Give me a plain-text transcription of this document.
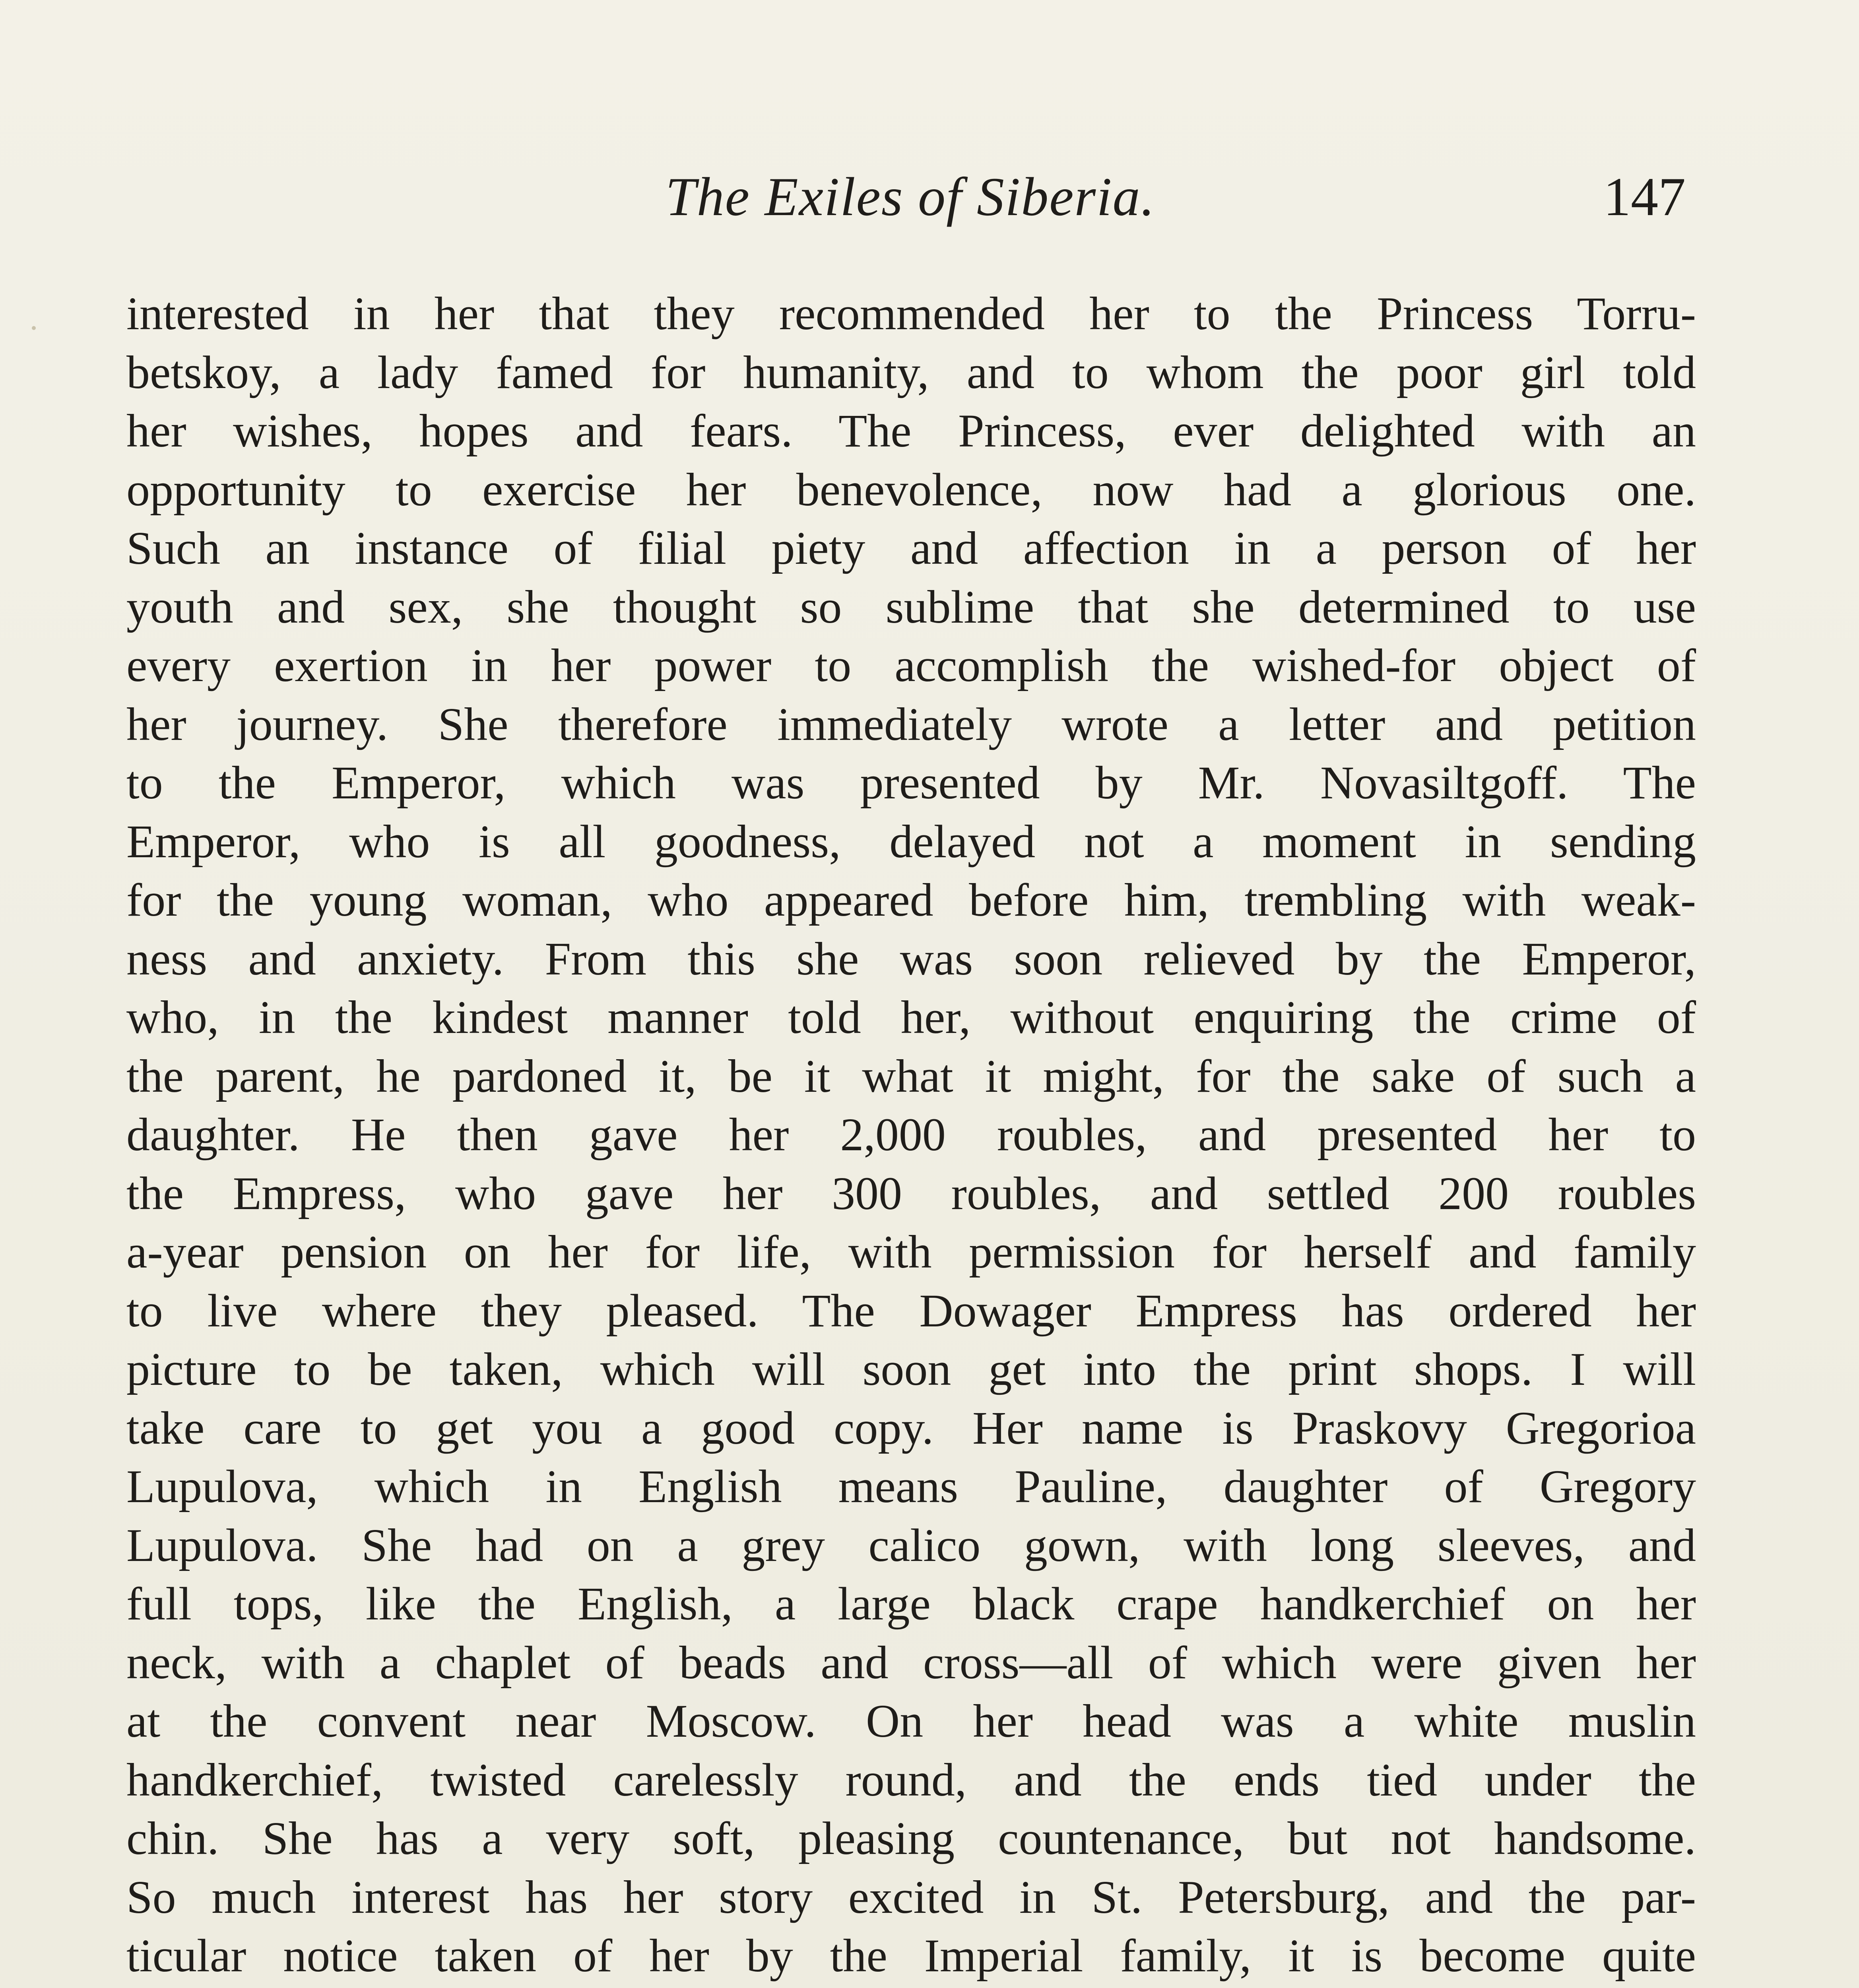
The Exiles of Siberia.	147

interested in her that they recommended her to the Princess Torru-
betskoy, a lady famed for humanity, and to whom the poor girl told
her wishes, hopes and fears. The Princess, ever delighted with an
opportunity to exercise her benevolence, now had a glorious one.
Such an instance of filial piety and affection in a person of her
youth and sex, she thought so sublime that she determined to use
every exertion in her power to accomplish the wished-for object of
her journey. She therefore immediately wrote a letter and petition
to the Emperor, which was presented by Mr. Novasiltgoff. The
Emperor, who is all goodness, delayed not a moment in sending
for the young woman, who appeared before him, trembling with weak-
ness and anxiety. From this she was soon relieved by the Emperor,
who, in the kindest manner told her, without enquiring the crime of
the parent, he pardoned it, be it what it might, for the sake of such a
daughter. He then gave her 2,000 roubles, and presented her to
the Empress, who gave her 300 roubles, and settled 200 roubles
a-year pension on her for life, with permission for herself and family
to live where they pleased. The Dowager Empress has ordered her
picture to be taken, which will soon get into the print shops. I will
take care to get you a good copy. Her name is Praskovy Gregorioa
Lupulova, which in English means Pauline, daughter of Gregory
Lupulova. She had on a grey calico gown, with long sleeves, and
full tops, like the English, a large black crape handkerchief on her
neck, with a chaplet of beads and cross—all of which were given her
at the convent near Moscow. On her head was a white muslin
handkerchief, twisted carelessly round, and the ends tied under the
chin. She has a very soft, pleasing countenance, but not handsome.
So much interest has her story excited in St. Petersburg, and the par-
ticular notice taken of her by the Imperial family, it is become quite
